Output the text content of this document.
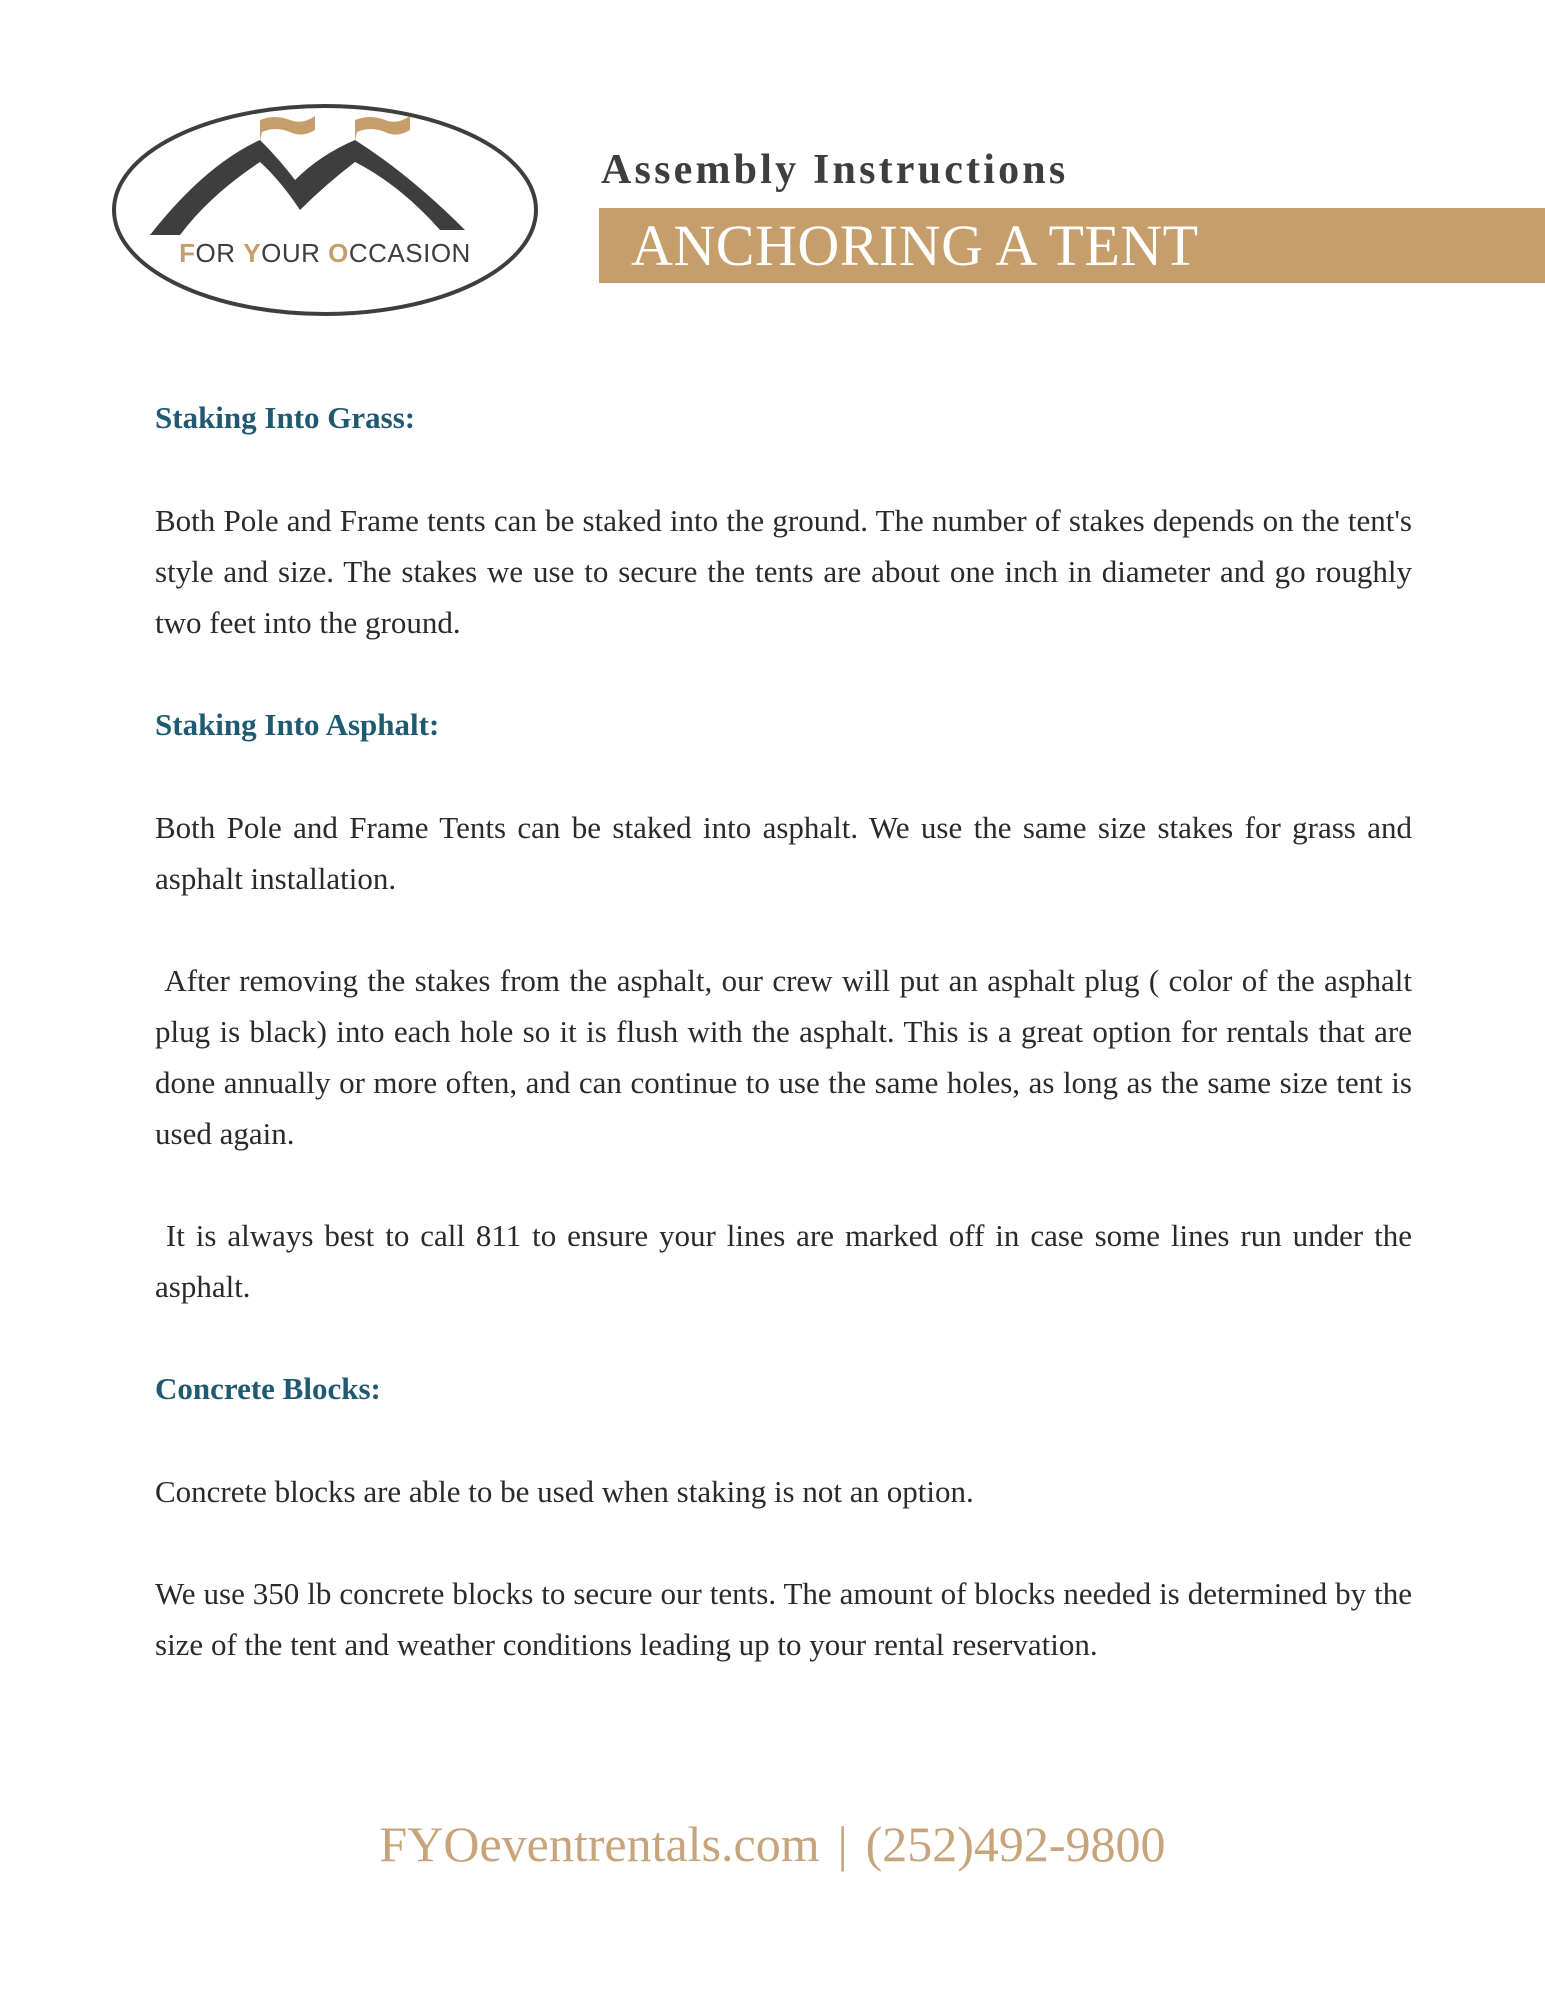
FOR YOUR OCCASION
Assembly Instructions
ANCHORING A TENT

Staking Into Grass:

Both Pole and Frame tents can be staked into the ground. The number of stakes depends on the tent's style and size. The stakes we use to secure the tents are about one inch in diameter and go roughly two feet into the ground.

Staking Into Asphalt:

Both Pole and Frame Tents can be staked into asphalt. We use the same size stakes for grass and asphalt installation.

After removing the stakes from the asphalt, our crew will put an asphalt plug ( color of the asphalt plug is black) into each hole so it is flush with the asphalt. This is a great option for rentals that are done annually or more often, and can continue to use the same holes, as long as the same size tent is used again.

It is always best to call 811 to ensure your lines are marked off in case some lines run under the asphalt.

Concrete Blocks:

Concrete blocks are able to be used when staking is not an option.

We use 350 lb concrete blocks to secure our tents. The amount of blocks needed is determined by the size of the tent and weather conditions leading up to your rental reservation.

FYOeventrentals.com | (252)492-9800
